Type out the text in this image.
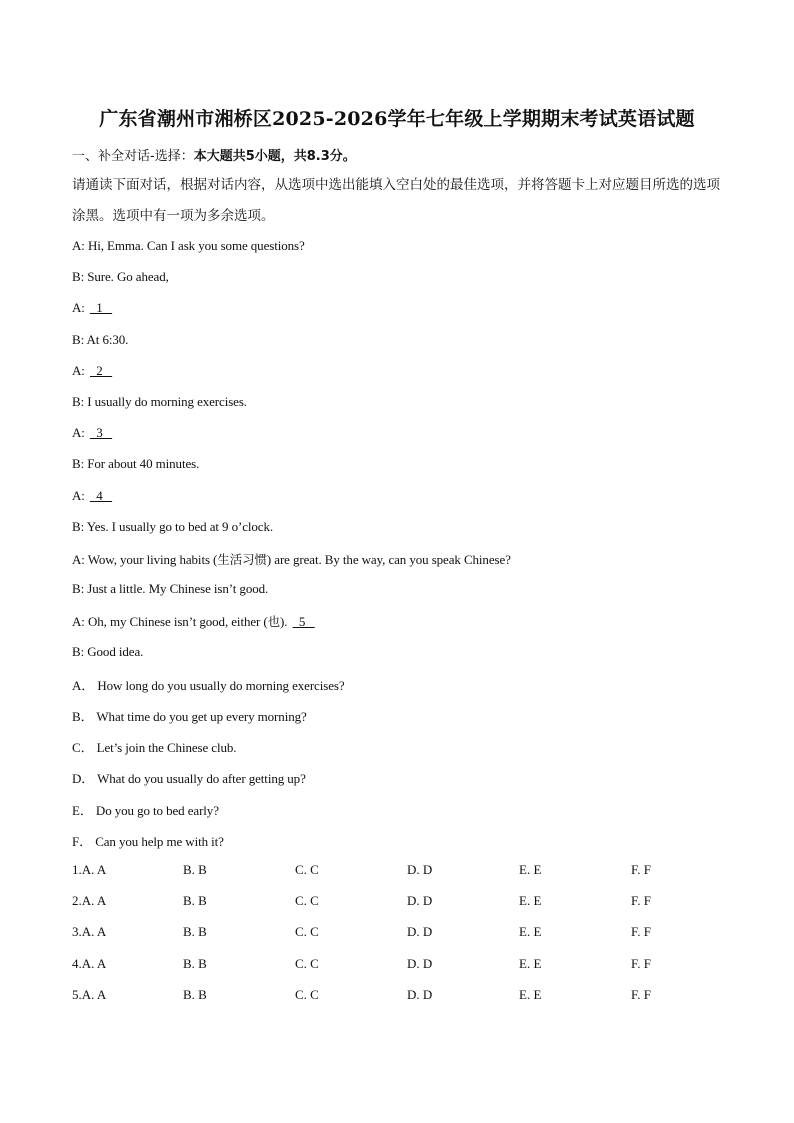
广东省潮州市湘桥区2025-2026学年七年级上学期期末考试英语试题
一、补全对话-选择：本大题共5小题，共8.3分。
请通读下面对话，根据对话内容，从选项中选出能填入空白处的最佳选项，并将答题卡上对应题目所选的选项涂黑。选项中有一项为多余选项。
A: Hi, Emma. Can I ask you some questions?
B: Sure. Go ahead,
A:   1
B: At 6:30.
A:   2
B: I usually do morning exercises.
A:   3
B: For about 40 minutes.
A:   4
B: Yes. I usually go to bed at 9 o’clock.
A: Wow, your living habits (生活习惯) are great. By the way, can you speak Chinese?
B: Just a little. My Chinese isn’t good.
A: Oh, my Chinese isn’t good, either (也).   5
B: Good idea.
A． How long do you usually do morning exercises?
B． What time do you get up every morning?
C． Let’s join the Chinese club.
D． What do you usually do after getting up?
E． Do you go to bed early?
F． Can you help me with it?
1.A. A	B. B	C. C	D. D	E. E	F. F
2.A. A	B. B	C. C	D. D	E. E	F. F
3.A. A	B. B	C. C	D. D	E. E	F. F
4.A. A	B. B	C. C	D. D	E. E	F. F
5.A. A	B. B	C. C	D. D	E. E	F. F
